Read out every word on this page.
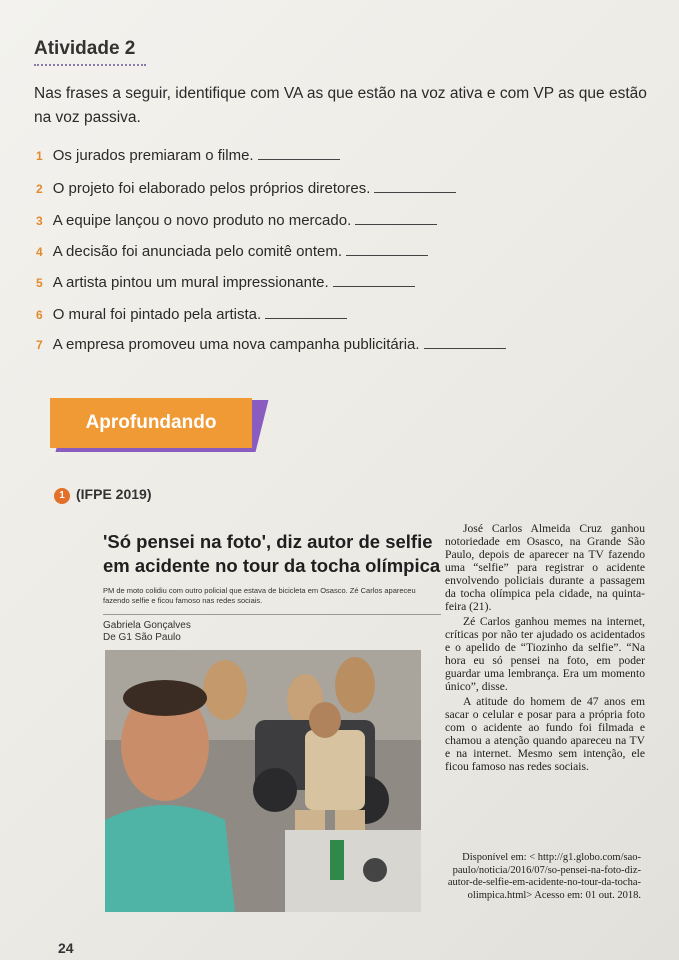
Atividade 2
Nas frases a seguir, identifique com VA as que estão na voz ativa e com VP as que estão na voz passiva.
1 Os jurados premiaram o filme.
2 O projeto foi elaborado pelos próprios diretores.
3 A equipe lançou o novo produto no mercado.
4 A decisão foi anunciada pelo comitê ontem.
5 A artista pintou um mural impressionante.
6 O mural foi pintado pela artista.
7 A empresa promoveu uma nova campanha publicitária.
Aprofundando
1 (IFPE 2019)
'Só pensei na foto', diz autor de selfie em acidente no tour da tocha olímpica
PM de moto colidiu com outro policial que estava de bicicleta em Osasco. Zé Carlos apareceu fazendo selfie e ficou famoso nas redes sociais.
Gabriela Gonçalves
De G1 São Paulo

José Carlos Almeida Cruz ganhou notoriedade em Osasco, na Grande São Paulo, depois de aparecer na TV fazendo uma “selfie” para registrar o acidente envolvendo policiais durante a passagem da tocha olímpica pela cidade, na quinta-feira (21).

Zé Carlos ganhou memes na internet, críticas por não ter ajudado os acidentados e o apelido de “Tiozinho da selfie”. “Na hora eu só pensei na foto, em poder guardar uma lembrança. Era um momento único”, disse.

A atitude do homem de 47 anos em sacar o celular e posar para a própria foto com o acidente ao fundo foi filmada e chamou a atenção quando apareceu na TV e na internet. Mesmo sem intenção, ele ficou famoso nas redes sociais.

Disponível em: < http://g1.globo.com/sao-paulo/noticia/2016/07/so-pensei-na-foto-diz-autor-de-selfie-em-acidente-no-tour-da-tocha-olimpica.html> Acesso em: 01 out. 2018.
24
